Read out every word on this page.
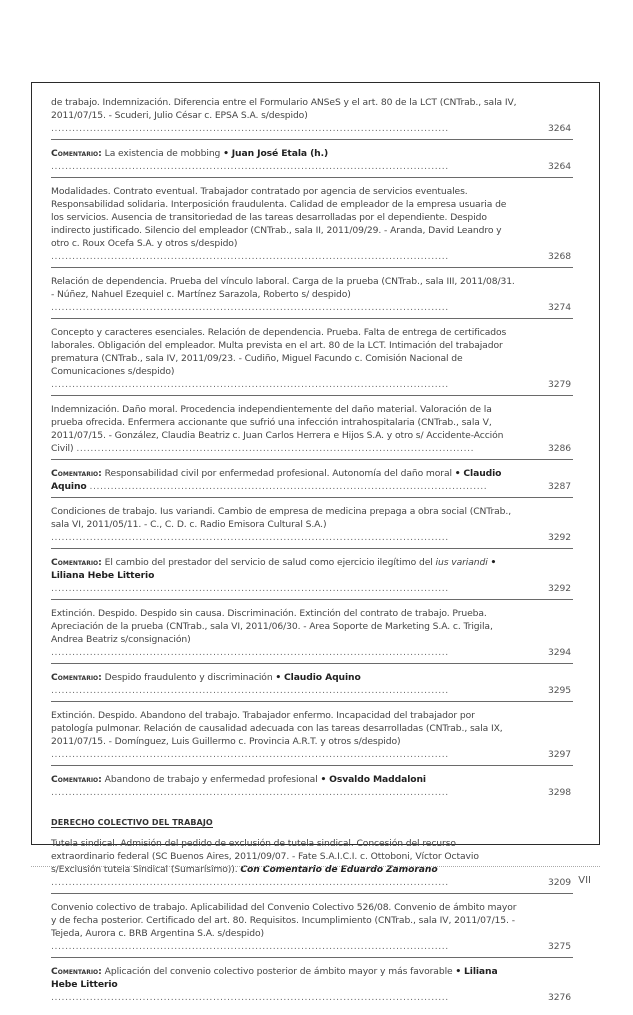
de trabajo. Indemnización. Diferencia entre el Formulario ANSeS y el art. 80 de la LCT (CNTrab., sala IV, 2011/07/15. - Scuderi, Julio César c. EPSA S.A. s/despido) .................................................................................................................	3264
Comentario: La existencia de mobbing • Juan José Etala (h.) .................................................................................................................	3264
Modalidades. Contrato eventual. Trabajador contratado por agencia de servicios eventuales. Responsabilidad solidaria. Interposición fraudulenta. Calidad de empleador de la empresa usuaria de los servicios. Ausencia de transitoriedad de las tareas desarrolladas por el dependiente. Despido indirecto justificado. Silencio del empleador (CNTrab., sala II, 2011/09/29. - Aranda, David Leandro y otro c. Roux Ocefa S.A. y otros s/despido) .................................................................................................................	3268
Relación de dependencia. Prueba del vínculo laboral. Carga de la prueba (CNTrab., sala III, 2011/08/31. - Núñez, Nahuel Ezequiel c. Martínez Sarazola, Roberto s/ despido) .................................................................................................................	3274
Concepto y caracteres esenciales. Relación de dependencia. Prueba. Falta de entrega de certificados laborales. Obligación del empleador. Multa prevista en el art. 80 de la LCT. Intimación del trabajador prematura (CNTrab., sala IV, 2011/09/23. - Cudiño, Miguel Facundo c. Comisión Nacional de Comunicaciones s/despido) .................................................................................................................	3279
Indemnización. Daño moral. Procedencia independientemente del daño material. Valoración de la prueba ofrecida. Enfermera accionante que sufrió una infección intrahospitalaria (CNTrab., sala V, 2011/07/15. - González, Claudia Beatriz c. Juan Carlos Herrera e Hijos S.A. y otro s/ Accidente-Acción Civil) .................................................................................................................	3286
Comentario: Responsabilidad civil por enfermedad profesional. Autonomía del daño moral • Claudio Aquino .................................................................................................................	3287
Condiciones de trabajo. Ius variandi. Cambio de empresa de medicina prepaga a obra social (CNTrab., sala VI, 2011/05/11. - C., C. D. c. Radio Emisora Cultural S.A.) .................................................................................................................	3292
Comentario: El cambio del prestador del servicio de salud como ejercicio ilegítimo del ius variandi • Liliana Hebe Litterio .................................................................................................................	3292
Extinción. Despido. Despido sin causa. Discriminación. Extinción del contrato de trabajo. Prueba. Apreciación de la prueba (CNTrab., sala VI, 2011/06/30. - Area Soporte de Marketing S.A. c. Trigila, Andrea Beatriz s/consignación) .................................................................................................................	3294
Comentario: Despido fraudulento y discriminación • Claudio Aquino .................................................................................................................	3295
Extinción. Despido. Abandono del trabajo. Trabajador enfermo. Incapacidad del trabajador por patología pulmonar. Relación de causalidad adecuada con las tareas desarrolladas (CNTrab., sala IX, 2011/07/15. - Domínguez, Luis Guillermo c. Provincia A.R.T. y otros s/despido) .................................................................................................................	3297
Comentario: Abandono de trabajo y enfermedad profesional • Osvaldo Maddaloni .................................................................................................................	3298
DERECHO COLECTIVO DEL TRABAJO
Tutela sindical. Admisión del pedido de exclusión de tutela sindical. Concesión del recurso extraordinario federal (SC Buenos Aires, 2011/09/07. - Fate S.A.I.C.I. c. Ottoboni, Víctor Octavio s/Exclusión tutela Sindical (Sumarísimo)). Con Comentario de Eduardo Zamorano .................................................................................................................	3209
Convenio colectivo de trabajo. Aplicabilidad del Convenio Colectivo 526/08. Convenio de ámbito mayor y de fecha posterior. Certificado del art. 80. Requisitos. Incumplimiento (CNTrab., sala IV, 2011/07/15. - Tejeda, Aurora c. BRB Argentina S.A. s/despido) .................................................................................................................	3275
Comentario: Aplicación del convenio colectivo posterior de ámbito mayor y más favorable • Liliana Hebe Litterio .................................................................................................................	3276
VII
